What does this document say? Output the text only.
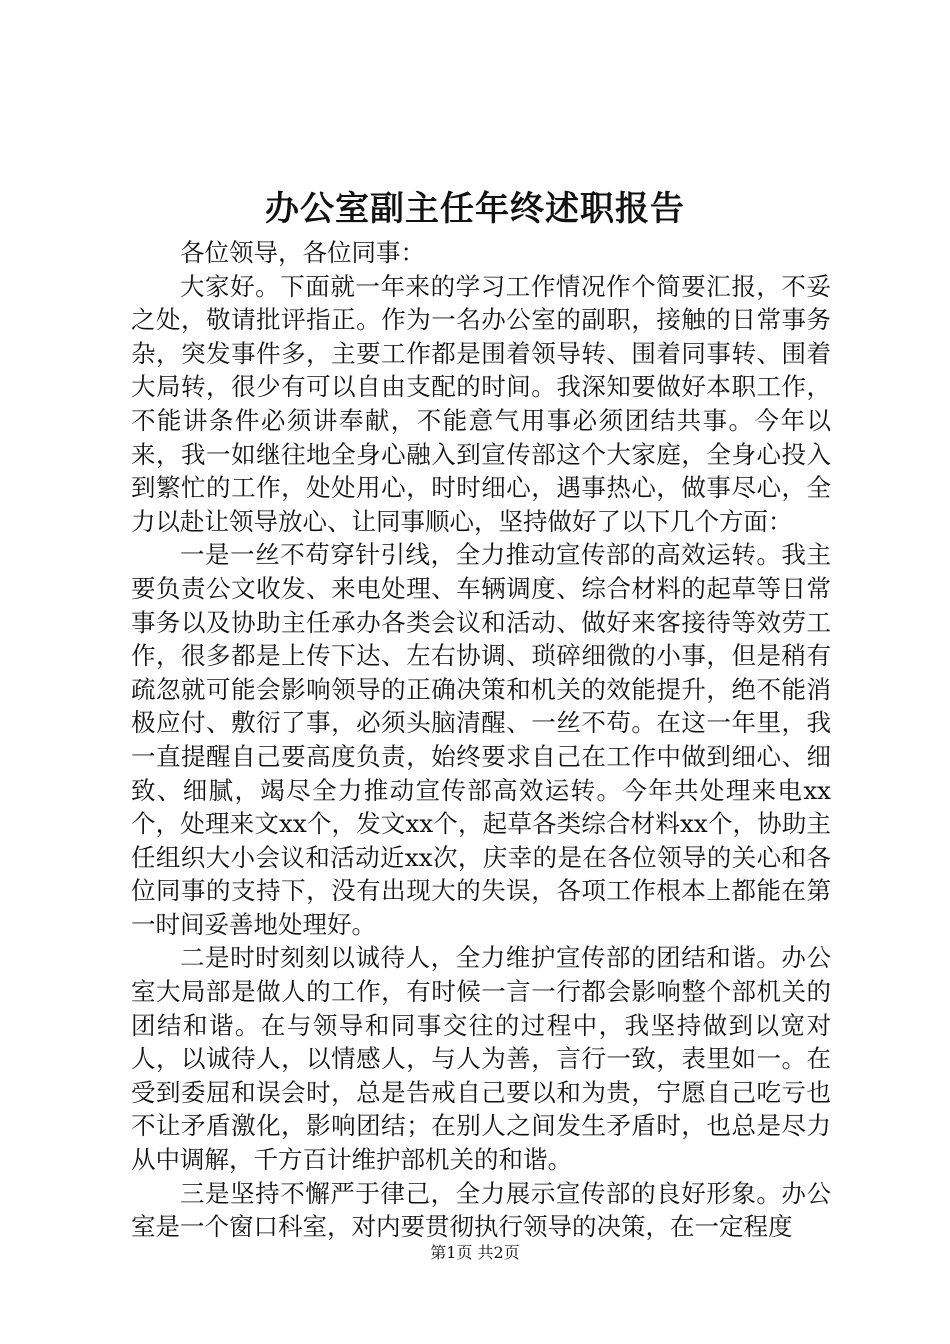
办公室副主任年终述职报告

各位领导，各位同事：

大家好。下面就一年来的学习工作情况作个简要汇报，不妥之处，敬请批评指正。作为一名办公室的副职，接触的日常事务杂，突发事件多，主要工作都是围着领导转、围着同事转、围着大局转，很少有可以自由支配的时间。我深知要做好本职工作，不能讲条件必须讲奉献，不能意气用事必须团结共事。今年以来，我一如继往地全身心融入到宣传部这个大家庭，全身心投入到繁忙的工作，处处用心，时时细心，遇事热心，做事尽心，全力以赴让领导放心、让同事顺心，坚持做好了以下几个方面：

一是一丝不苟穿针引线，全力推动宣传部的高效运转。我主要负责公文收发、来电处理、车辆调度、综合材料的起草等日常事务以及协助主任承办各类会议和活动、做好来客接待等效劳工作，很多都是上传下达、左右协调、琐碎细微的小事，但是稍有疏忽就可能会影响领导的正确决策和机关的效能提升，绝不能消极应付、敷衍了事，必须头脑清醒、一丝不苟。在这一年里，我一直提醒自己要高度负责，始终要求自己在工作中做到细心、细致、细腻，竭尽全力推动宣传部高效运转。今年共处理来电xx个，处理来文xx个，发文xx个，起草各类综合材料xx个，协助主任组织大小会议和活动近xx次，庆幸的是在各位领导的关心和各位同事的支持下，没有出现大的失误，各项工作根本上都能在第一时间妥善地处理好。

二是时时刻刻以诚待人，全力维护宣传部的团结和谐。办公室大局部是做人的工作，有时候一言一行都会影响整个部机关的团结和谐。在与领导和同事交往的过程中，我坚持做到以宽对人，以诚待人，以情感人，与人为善，言行一致，表里如一。在受到委屈和误会时，总是告戒自己要以和为贵，宁愿自己吃亏也不让矛盾激化，影响团结；在别人之间发生矛盾时，也总是尽力从中调解，千方百计维护部机关的和谐。

三是坚持不懈严于律己，全力展示宣传部的良好形象。办公室是一个窗口科室，对内要贯彻执行领导的决策，在一定程度

第1页 共2页
